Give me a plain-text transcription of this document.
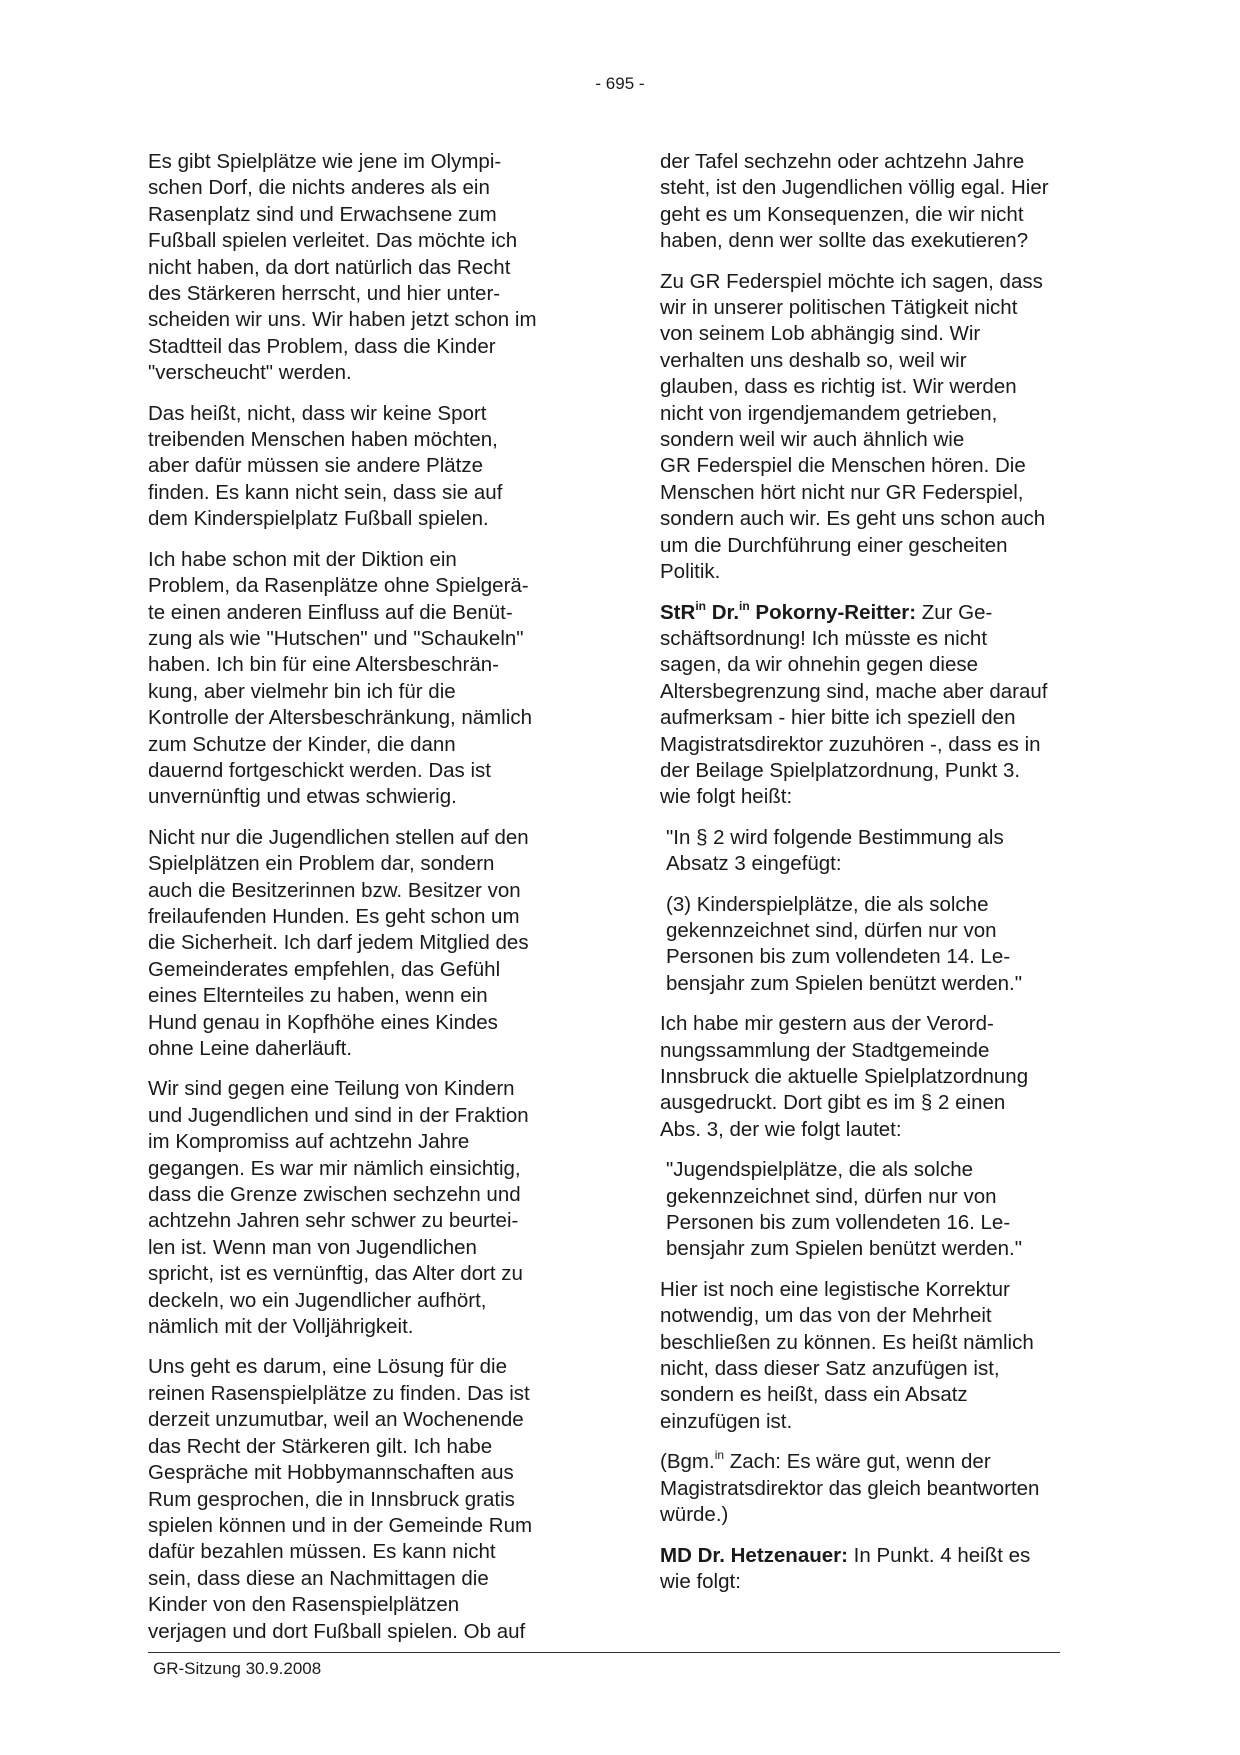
- 695 -

Es gibt Spielplätze wie jene im Olympi-
schen Dorf, die nichts anderes als ein
Rasenplatz sind und Erwachsene zum
Fußball spielen verleitet. Das möchte ich
nicht haben, da dort natürlich das Recht
des Stärkeren herrscht, und hier unter-
scheiden wir uns. Wir haben jetzt schon im
Stadtteil das Problem, dass die Kinder
"verscheucht" werden.

Das heißt, nicht, dass wir keine Sport
treibenden Menschen haben möchten,
aber dafür müssen sie andere Plätze
finden. Es kann nicht sein, dass sie auf
dem Kinderspielplatz Fußball spielen.

Ich habe schon mit der Diktion ein
Problem, da Rasenplätze ohne Spielgerä-
te einen anderen Einfluss auf die Benüt-
zung als wie "Hutschen" und "Schaukeln"
haben. Ich bin für eine Altersbeschrän-
kung, aber vielmehr bin ich für die
Kontrolle der Altersbeschränkung, nämlich
zum Schutze der Kinder, die dann
dauernd fortgeschickt werden. Das ist
unvernünftig und etwas schwierig.

Nicht nur die Jugendlichen stellen auf den
Spielplätzen ein Problem dar, sondern
auch die Besitzerinnen bzw. Besitzer von
freilaufenden Hunden. Es geht schon um
die Sicherheit. Ich darf jedem Mitglied des
Gemeinderates empfehlen, das Gefühl
eines Elternteiles zu haben, wenn ein
Hund genau in Kopfhöhe eines Kindes
ohne Leine daherläuft.

Wir sind gegen eine Teilung von Kindern
und Jugendlichen und sind in der Fraktion
im Kompromiss auf achtzehn Jahre
gegangen. Es war mir nämlich einsichtig,
dass die Grenze zwischen sechzehn und
achtzehn Jahren sehr schwer zu beurtei-
len ist. Wenn man von Jugendlichen
spricht, ist es vernünftig, das Alter dort zu
deckeln, wo ein Jugendlicher aufhört,
nämlich mit der Volljährigkeit.

Uns geht es darum, eine Lösung für die
reinen Rasenspielplätze zu finden. Das ist
derzeit unzumutbar, weil an Wochenende
das Recht der Stärkeren gilt. Ich habe
Gespräche mit Hobbymannschaften aus
Rum gesprochen, die in Innsbruck gratis
spielen können und in der Gemeinde Rum
dafür bezahlen müssen. Es kann nicht
sein, dass diese an Nachmittagen die
Kinder von den Rasenspielplätzen
verjagen und dort Fußball spielen. Ob auf

der Tafel sechzehn oder achtzehn Jahre
steht, ist den Jugendlichen völlig egal. Hier
geht es um Konsequenzen, die wir nicht
haben, denn wer sollte das exekutieren?

Zu GR Federspiel möchte ich sagen, dass
wir in unserer politischen Tätigkeit nicht
von seinem Lob abhängig sind. Wir
verhalten uns deshalb so, weil wir
glauben, dass es richtig ist. Wir werden
nicht von irgendjemandem getrieben,
sondern weil wir auch ähnlich wie
GR Federspiel die Menschen hören. Die
Menschen hört nicht nur GR Federspiel,
sondern auch wir. Es geht uns schon auch
um die Durchführung einer gescheiten
Politik.

StR$^{in}$ Dr.$^{in}$ Pokorny-Reitter: Zur Ge-
schäftsordnung! Ich müsste es nicht
sagen, da wir ohnehin gegen diese
Altersbegrenzung sind, mache aber darauf
aufmerksam - hier bitte ich speziell den
Magistratsdirektor zuzuhören -, dass es in
der Beilage Spielplatzordnung, Punkt 3.
wie folgt heißt:

"In § 2 wird folgende Bestimmung als
Absatz 3 eingefügt:

(3) Kinderspielplätze, die als solche
gekennzeichnet sind, dürfen nur von
Personen bis zum vollendeten 14. Le-
bensjahr zum Spielen benützt werden."

Ich habe mir gestern aus der Verord-
nungssammlung der Stadtgemeinde
Innsbruck die aktuelle Spielplatzordnung
ausgedruckt. Dort gibt es im § 2 einen
Abs. 3, der wie folgt lautet:

"Jugendspielplätze, die als solche
gekennzeichnet sind, dürfen nur von
Personen bis zum vollendeten 16. Le-
bensjahr zum Spielen benützt werden."

Hier ist noch eine legistische Korrektur
notwendig, um das von der Mehrheit
beschließen zu können. Es heißt nämlich
nicht, dass dieser Satz anzufügen ist,
sondern es heißt, dass ein Absatz
einzufügen ist.

(Bgm.$^{in}$ Zach: Es wäre gut, wenn der
Magistratsdirektor das gleich beantworten
würde.)

MD Dr. Hetzenauer: In Punkt. 4 heißt es
wie folgt:

GR-Sitzung 30.9.2008
